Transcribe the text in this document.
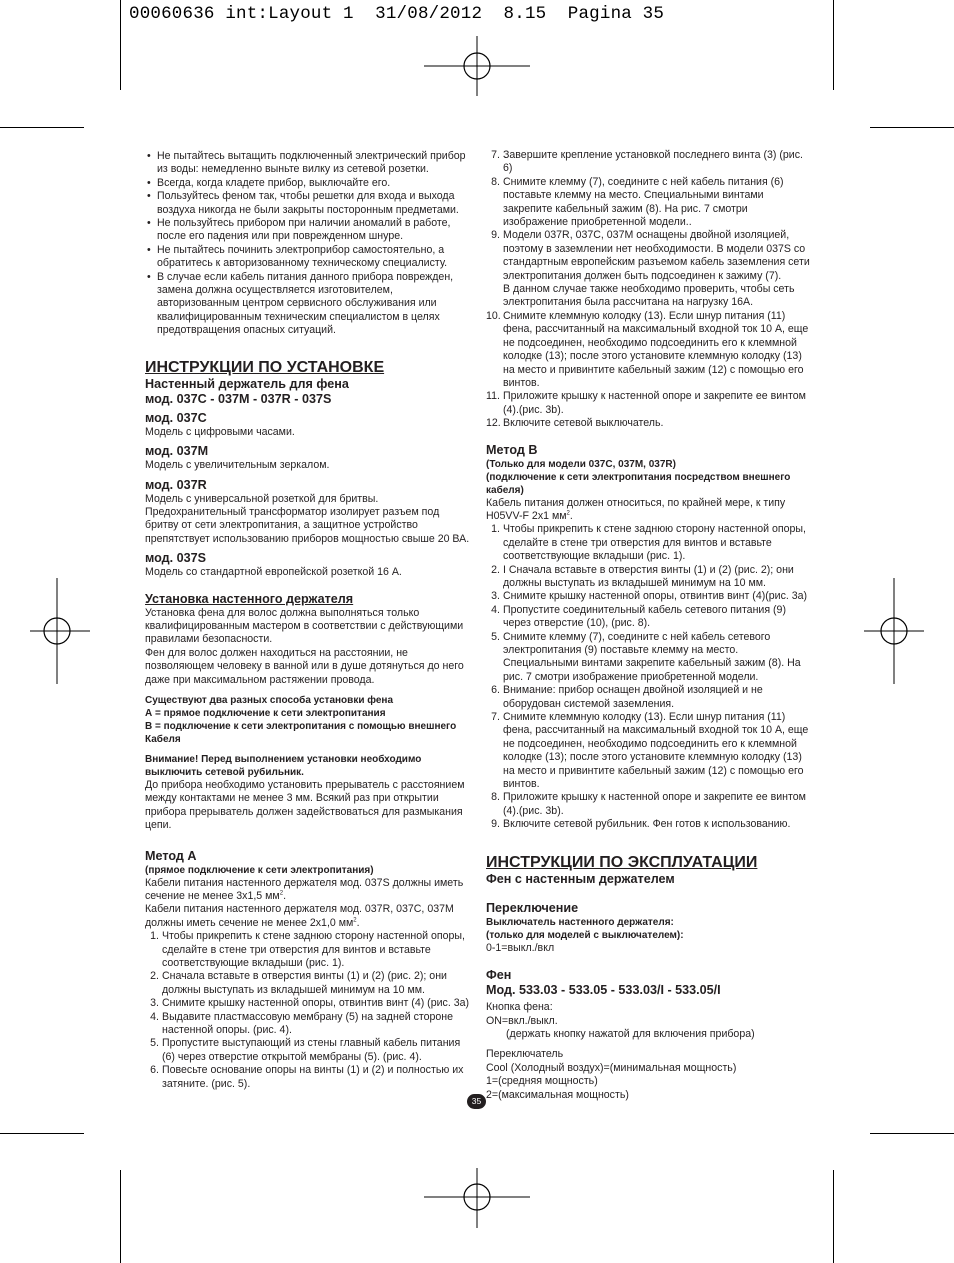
00060636 int:Layout 1  31/08/2012  8.15  Pagina 35
• Не пытайтесь вытащить подключенный электрический прибор из воды: немедленно выньте вилку из сетевой розетки.
• Всегда, когда кладете прибор, выключайте его.
• Пользуйтесь феном так, чтобы решетки для входа и выхода воздуха никогда не были закрыты посторонным предметами.
• Не пользуйтесь прибором при наличии аномалий в работе, после его падения или при поврежденном шнуре.
• Не пытайтесь починить электроприбор самостоятельно, а обратитесь к авторизованному техническому специалисту.
• В случае если кабель питания данного прибора поврежден, замена должна осуществляется изготовителем, авторизованным центром сервисного обслуживания или квалифицированным техническим специалистом в целях предотвращения опасных ситуаций.

ИНСТРУКЦИИ ПО УСТАНОВКЕ

Настенный держатель для фена

мод. 037C - 037M - 037R - 037S

мод. 037C

Модель с цифровыми часами.

мод. 037M

Модель с увеличительным зеркалом.

мод. 037R

Модель с универсальной розеткой для бритвы. Предохранительный трансформатор изолирует разъем под бритву от сети электропитания, а защитное устройство препятствует использованию приборов мощностью свыше 20 ВА.

мод. 037S

Модель со стандартной европейской розеткой 16 А.

Установка настенного держателя

Установка фена для волос должна выполняться только квалифицированным мастером в соответствии с действующими правилами безопасности.

Фен для волос должен находиться на расстоянии, не позволяющем человеку в ванной или в душе дотянуться до него даже при максимальном растяжении провода.

Существуют два разных способа установки фена

А = прямое подключение к сети электропитания

В = подключение к сети электропитания с помощью внешнего Кабеля

Внимание! Перед выполнением установки необходимо выключить сетевой рубильник.

До прибора необходимо установить прерыватель с расстоянием между контактами не менее 3 мм. Всякий раз при открытии прибора прерыватель должен задействоваться для размыкания цепи.

Метод А

(прямое подключение к сети электропитания)

Кабели питания настенного держателя мод. 037S должны иметь сечение не менее 3x1,5 $мм^2$.

Кабели питания настенного держателя мод. 037R, 037C, 037M должны иметь сечение не менее 2x1,0 $мм^2$.

1. Чтобы прикрепить к стене заднюю сторону настенной опоры, сделайте в стене три отверстия для винтов и вставьте соответствующие вкладыши (рис. 1).
2. Сначала вставьте в отверстия винты (1) и (2) (рис. 2); они должны выступать из вкладышей минимум на 10 мм.
3. Снимите крышку настенной опоры, отвинтив винт (4) (рис. 3a)
4. Выдавите пластмассовую мембрану (5) на задней стороне настенной опоры. (рис. 4).
5. Пропустите выступающий из стены главный кабель питания (6) через отверстие открытой мембраны (5). (рис. 4).
6. Повесьте основание опоры на винты (1) и (2) и полностью их затяните. (рис. 5).
7. Завершите крепление установкой последнего винта (3) (рис. 6)
8. Снимите клемму (7), соедините с ней кабель питания (6) поставьте клемму на место. Специальными винтами закрепите кабельный зажим (8). На рис. 7 смотри изображение приобретенной модели..
9. Модели 037R, 037C, 037M оснащены двойной изоляцией, поэтому в заземлении нет необходимости. В модели 037S со стандартным европейским разъемом кабель заземления сети электропитания должен быть подсоединен к зажиму (7).
В данном случае также необходимо проверить, чтобы сеть электропитания была рассчитана на нагрузку 16А.
10. Снимите клеммную колодку (13). Если шнур питания (11) фена, рассчитанный на максимальный входной ток 10 А, еще не подсоединен, необходимо подсоединить его к клеммной колодке (13); после этого установите клеммную колодку (13) на место и привинтите кабельный зажим (12) с помощью его винтов.
11. Приложите крышку к настенной опоре и закрепите ее винтом (4).(рис. 3b).
12. Включите сетевой выключатель.

Метод В

(Только для модели 037C, 037M, 037R)

(подключение к сети электропитания посредством внешнего кабеля)

Кабель питания должен относиться, по крайней мере, к типу H05VV-F 2x1 $мм^2$.

1. Чтобы прикрепить к стене заднюю сторону настенной опоры, сделайте в стене три отверстия для винтов и вставьте соответствующие вкладыши (рис. 1).
2. I Сначала вставьте в отверстия винты (1) и (2) (рис. 2); они должны выступать из вкладышей минимум на 10 мм.
3. Снимите крышку настенной опоры, отвинтив винт (4)(рис. 3a)
4. Пропустите соединительный кабель сетевого питания (9) через отверстие (10), (рис. 8).
5. Снимите клемму (7), соедините с ней кабель сетевого электропитания (9) поставьте клемму на место. Специальными винтами закрепите кабельный зажим (8). На рис. 7 смотри изображение приобретенной модели.
6. Внимание: прибор оснащен двойной изоляцией и не оборудован системой заземления.
7. Снимите клеммную колодку (13). Если шнур питания (11) фена, рассчитанный на максимальный входной ток 10 А, еще не подсоединен, необходимо подсоединить его к клеммной колодке (13); после этого установите клеммную колодку (13) на место и привинтите кабельный зажим (12) с помощью его винтов.
8. Приложите крышку к настенной опоре и закрепите ее винтом (4).(рис. 3b).
9. Включите сетевой рубильник. Фен готов к использованию.

ИНСТРУКЦИИ ПО ЭКСПЛУАТАЦИИ

Фен с настенным держателем

Переключение

Выключатель настенного держателя:

(только для моделей с выключателем):

0-1=выкл./вкл

Фен

Мод. 533.03 - 533.05 - 533.03/I - 533.05/I

Кнопка фена:

ON=вкл./выкл.

(держать кнопку нажатой для включения прибора)

Переключатель

Cool (Холодный воздух)=(минимальная мощность)

1=(средняя мощность)

2=(максимальная мощность)

35
